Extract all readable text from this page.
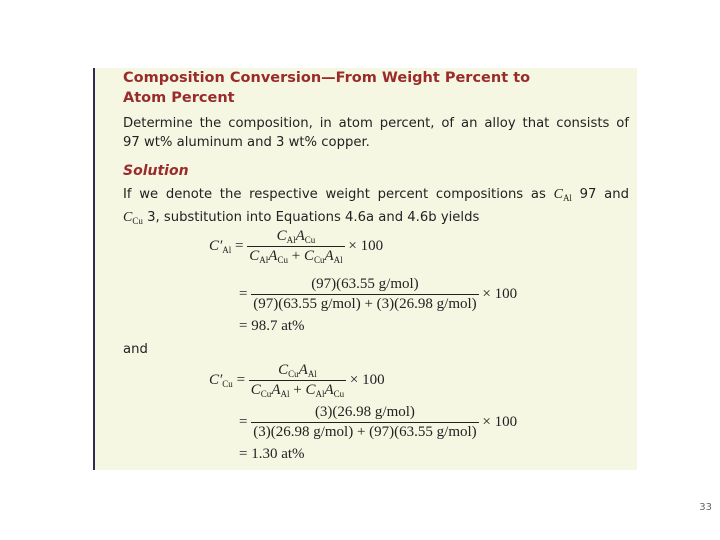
Composition Conversion—From Weight Percent to
Atom Percent
Determine the composition, in atom percent, of an alloy that consists of
97 wt% aluminum and 3 wt% copper.
Solution
If we denote the respective weight percent compositions as $C_{Al}$ 97 and
$C_{Cu}$ 3, substitution into Equations 4.6a and 4.6b yields
$C'_{Al} = \frac{C_{Al}A_{Cu}}{C_{Al}A_{Cu} + C_{Cu}A_{Al}} \times 100$
= $\frac{\text{(97)(63.55 g/mol)}}{\text{(97)(63.55 g/mol) + (3)(26.98 g/mol)}} \times 100$
= 98.7 at%
and
$C'_{Cu} = \frac{C_{Cu}A_{Al}}{C_{Cu}A_{Al} + C_{Al}A_{Cu}} \times 100$
= $\frac{\text{(3)(26.98 g/mol)}}{\text{(3)(26.98 g/mol) + (97)(63.55 g/mol)}} \times 100$
= 1.30 at%
33
